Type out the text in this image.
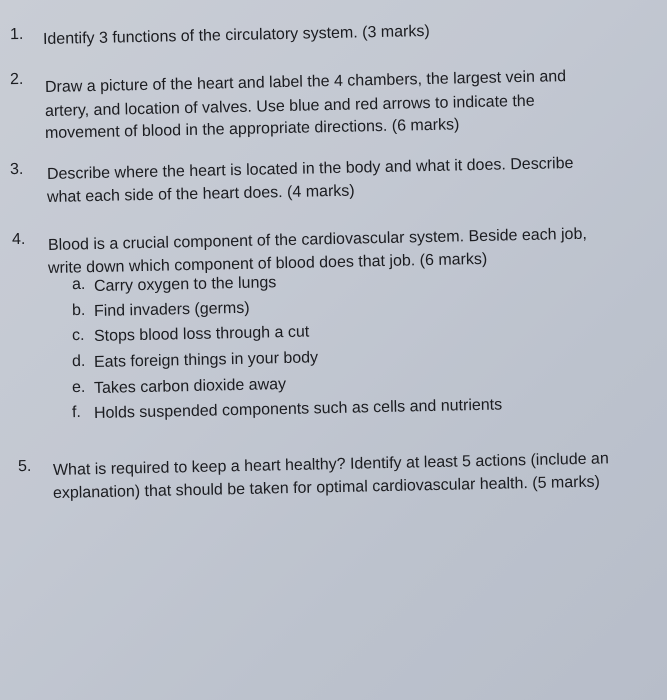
1. Identify 3 functions of the circulatory system. (3 marks)
2. Draw a picture of the heart and label the 4 chambers, the largest vein and
artery, and location of valves. Use blue and red arrows to indicate the
movement of blood in the appropriate directions. (6 marks)
3. Describe where the heart is located in the body and what it does. Describe
what each side of the heart does. (4 marks)
4. Blood is a crucial component of the cardiovascular system. Beside each job,
write down which component of blood does that job. (6 marks)
a. Carry oxygen to the lungs
b. Find invaders (germs)
c. Stops blood loss through a cut
d. Eats foreign things in your body
e. Takes carbon dioxide away
f. Holds suspended components such as cells and nutrients
5. What is required to keep a heart healthy? Identify at least 5 actions (include an
explanation) that should be taken for optimal cardiovascular health. (5 marks)
